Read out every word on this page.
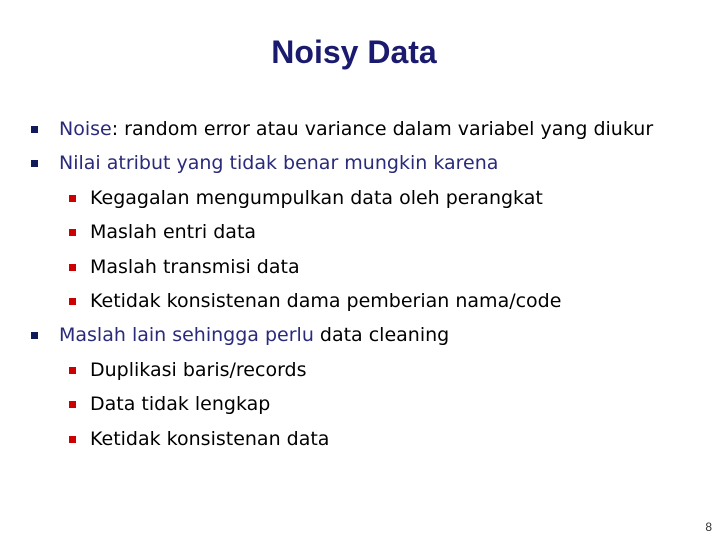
Noisy Data
Noise: random error atau variance dalam variabel yang diukur
Nilai atribut yang tidak benar mungkin karena
Kegagalan mengumpulkan data oleh perangkat
Maslah entri data
Maslah transmisi data
Ketidak konsistenan dama pemberian nama/code
Maslah lain sehingga perlu data cleaning
Duplikasi baris/records
Data tidak lengkap
Ketidak konsistenan data
8
